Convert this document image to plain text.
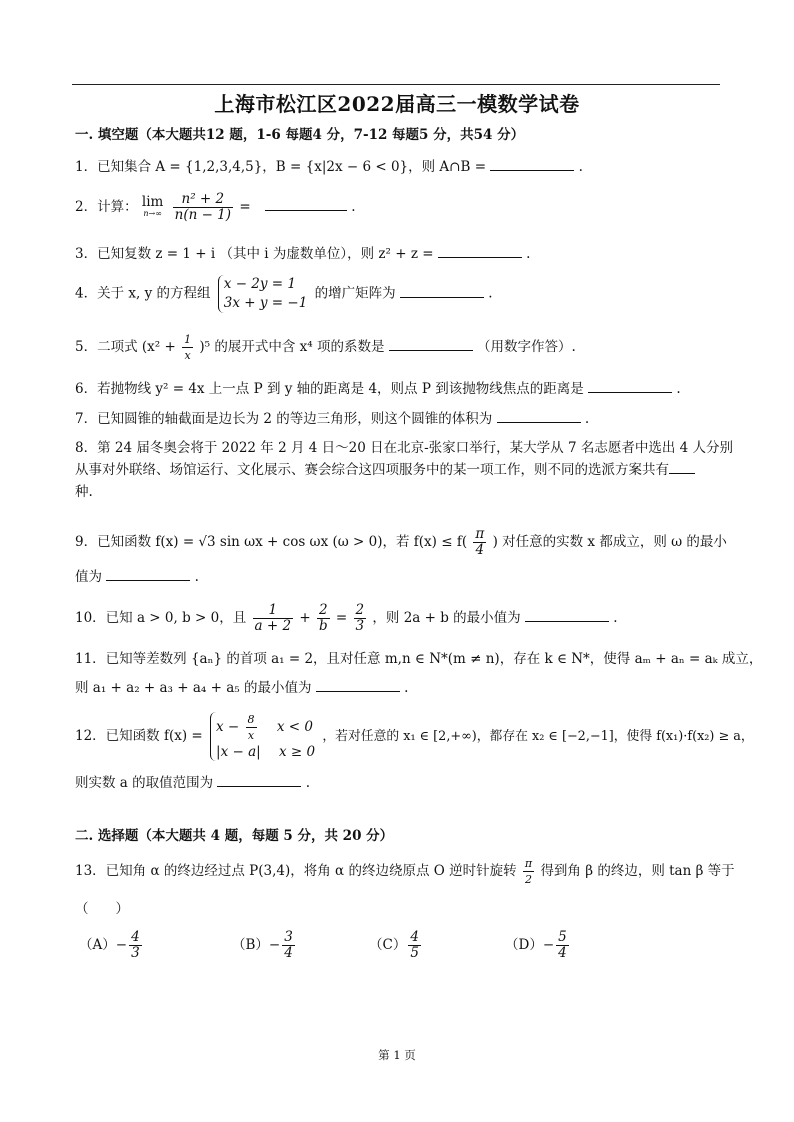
上海市松江区2022届高三一模数学试卷
一. 填空题（本大题共12 题，1-6 每题4 分，7-12 每题5 分，共54 分）
1．已知集合 A = {1,2,3,4,5}，B = {x|2x − 6 < 0}，则 A∩B =	.
2．计算： lim
n→∞
$\frac{\text{n² + 2}}{n(n - 1)}$ =	.
3．已知复数 z = 1 + i （其中 i 为虚数单位），则 z² + z =	.
4．关于 x, y 的方程组
x − 2y = 1
3x + y = −1
的增广矩阵为	.
5．二项式 $(x^2 + \frac{1}{x} )^5$ 的展开式中含 x⁴ 项的系数是	（用数字作答）.
6．若抛物线 y² = 4x 上一点 P 到 y 轴的距离是 4，则点 P 到该抛物线焦点的距离是	.
7．已知圆锥的轴截面是边长为 2 的等边三角形，则这个圆锥的体积为	.
8．第 24 届冬奥会将于 2022 年 2 月 4 日～20 日在北京-张家口举行，某大学从 7 名志愿者中选出 4 人分别
从事对外联络、场馆运行、文化展示、赛会综合这四项服务中的某一项工作，则不同的选派方案共有
种.
9．已知函数 f(x) = √3 sin ωx + cos ωx (ω > 0)，若 $f(x) \le f( \frac{\pi}{4}$ ) 对任意的实数 x 都成立，则 ω 的最小
值为	.
10．已知 a > 0, b > 0，且 $\frac{1}{a + 2} + \frac{2}{b} = \frac{2}{3}$ ，则 2a + b 的最小值为	.
11．已知等差数列 {aₙ} 的首项 a₁ = 2，且对任意 m,n ∈ N*(m ≠ n)，存在 k ∈ N*，使得 aₘ + aₙ = aₖ 成立，
则 a₁ + a₂ + a₃ + a₄ + a₅ 的最小值为	.
12．已知函数 f(x) =
$x - \frac{8}{x}$ x < 0
|x − a| x ≥ 0
，若对任意的 x₁ ∈ [2,+∞)，都存在 x₂ ∈ [−2,−1]，使得 f(x₁)·f(x₂) ≥ a，
则实数 a 的取值范围为	.
二. 选择题（本大题共 4 题，每题 5 分，共 20 分）
13．已知角 α 的终边经过点 P(3,4)，将角 α 的终边绕原点 O 逆时针旋转 $\frac{\pi}{2}$ 得到角 β 的终边，则 tan β 等于
（　　）
$(A)- \frac{4}{3}$	$(B)- \frac{3}{4}$	$(C) \frac{4}{5}$	$(D)- \frac{5}{4}$
第 1 页
